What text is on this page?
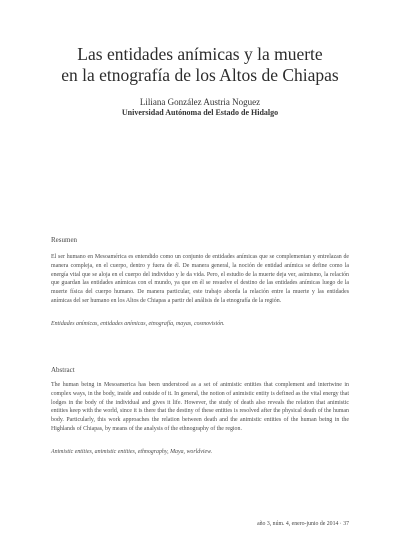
Las entidades anímicas y la muerte
en la etnografía de los Altos de Chiapas
Liliana González Austria Noguez
Universidad Autónoma del Estado de Hidalgo
Resumen
El ser humano en Mesoamérica es entendido como un conjunto de entidades anímicas que se complementan y entrelazan de manera compleja, en el cuerpo, dentro y fuera de él. De manera general, la noción de entidad anímica se define como la energía vital que se aloja en el cuerpo del individuo y le da vida. Pero, el estudio de la muerte deja ver, asimismo, la relación que guardan las entidades anímicas con el mundo, ya que en él se resuelve el destino de las entidades anímicas luego de la muerte física del cuerpo humano. De manera particular, este trabajo aborda la relación entre la muerte y las entidades anímicas del ser humano en los Altos de Chiapas a partir del análisis de la etnografía de la región.
Entidades anímicas, entidades anímicas, etnografía, mayas, cosmovisión.
Abstract
The human being in Mesoamerica has been understood as a set of animistic entities that complement and intertwine in complex ways, in the body, inside and outside of it. In general, the notion of animistic entity is defined as the vital energy that lodges in the body of the individual and gives it life. However, the study of death also reveals the relation that animistic entities keep with the world, since it is there that the destiny of these entities is resolved after the physical death of the human body. Particularly, this work approaches the relation between death and the animistic entities of the human being in the Highlands of Chiapas, by means of the analysis of the ethnography of the region.
Animistic entities, animistic entities, ethnography, Maya, worldview.
año 3, núm. 4, enero-junio de 2014 · 37
